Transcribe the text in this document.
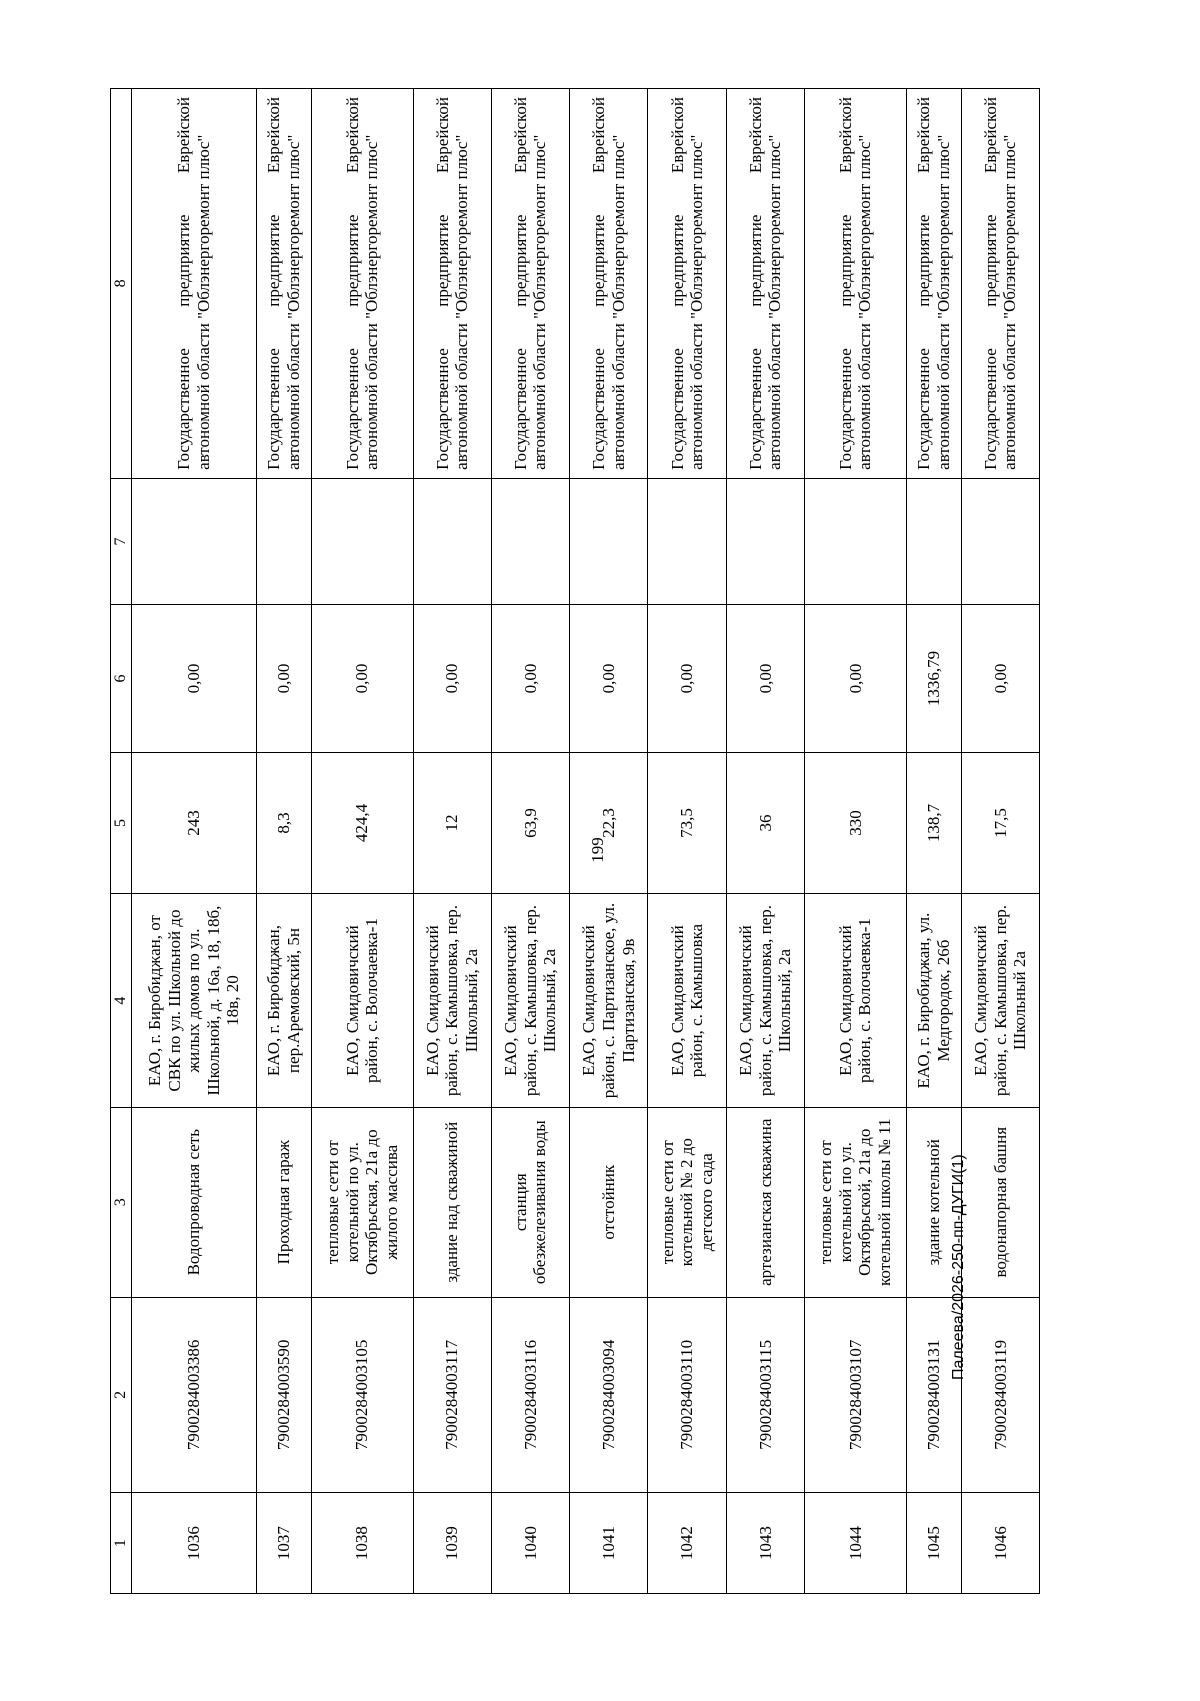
199
1	2	3	4	5	6	7	8
1036	7900284003386	Водопроводная сеть	ЕАО, г. Биробиджан, от СВК по ул. Школьной до жилых домов по ул. Школьной, д. 16а, 18, 18б, 18в, 20	243	0,00		Государственное предприятие Еврейской автономной области "Облэнергоремонт плюс"
1037	7900284003590	Проходная гараж	ЕАО, г. Биробиджан, пер.Аремовский, 5н	8,3	0,00		Государственное предприятие Еврейской автономной области "Облэнергоремонт плюс"
1038	7900284003105	тепловые сети от котельной по ул. Октябрьская, 21а до жилого массива	ЕАО, Смидовичский район, с. Волочаевка-1	424,4	0,00		Государственное предприятие Еврейской автономной области "Облэнергоремонт плюс"
1039	7900284003117	здание над скважиной	ЕАО, Смидовичский район, с. Камышовка, пер. Школьный, 2а	12	0,00		Государственное предприятие Еврейской автономной области "Облэнергоремонт плюс"
1040	7900284003116	станция обезжелезивания воды	ЕАО, Смидовичский район, с. Камышовка, пер. Школьный, 2а	63,9	0,00		Государственное предприятие Еврейской автономной области "Облэнергоремонт плюс"
1041	7900284003094	отстойник	ЕАО, Смидовичский район, с. Партизанское, ул. Партизанская, 9в	22,3	0,00		Государственное предприятие Еврейской автономной области "Облэнергоремонт плюс"
1042	7900284003110	тепловые сети от котельной № 2 до детского сада	ЕАО, Смидовичский район, с. Камышовка	73,5	0,00		Государственное предприятие Еврейской автономной области "Облэнергоремонт плюс"
1043	7900284003115	артезианская скважина	ЕАО, Смидовичский район, с. Камышовка, пер. Школьный, 2а	36	0,00		Государственное предприятие Еврейской автономной области "Облэнергоремонт плюс"
1044	7900284003107	тепловые сети от котельной по ул. Октябрьской, 21а до котельной школы № 11	ЕАО, Смидовичский район, с. Волочаевка-1	330	0,00		Государственное предприятие Еврейской автономной области "Облэнергоремонт плюс"
1045	7900284003131	здание котельной	ЕАО, г. Биробиджан, ул. Медгородок, 26б	138,7	1336,79		Государственное предприятие Еврейской автономной области "Облэнергоремонт плюс"
1046	7900284003119	водонапорная башня	ЕАО, Смидовичский район, с. Камышовка, пер. Школьный 2а	17,5	0,00		Государственное предприятие Еврейской автономной области "Облэнергоремонт плюс"
Палеева/2026-250-пп-ДУГИ(1)
